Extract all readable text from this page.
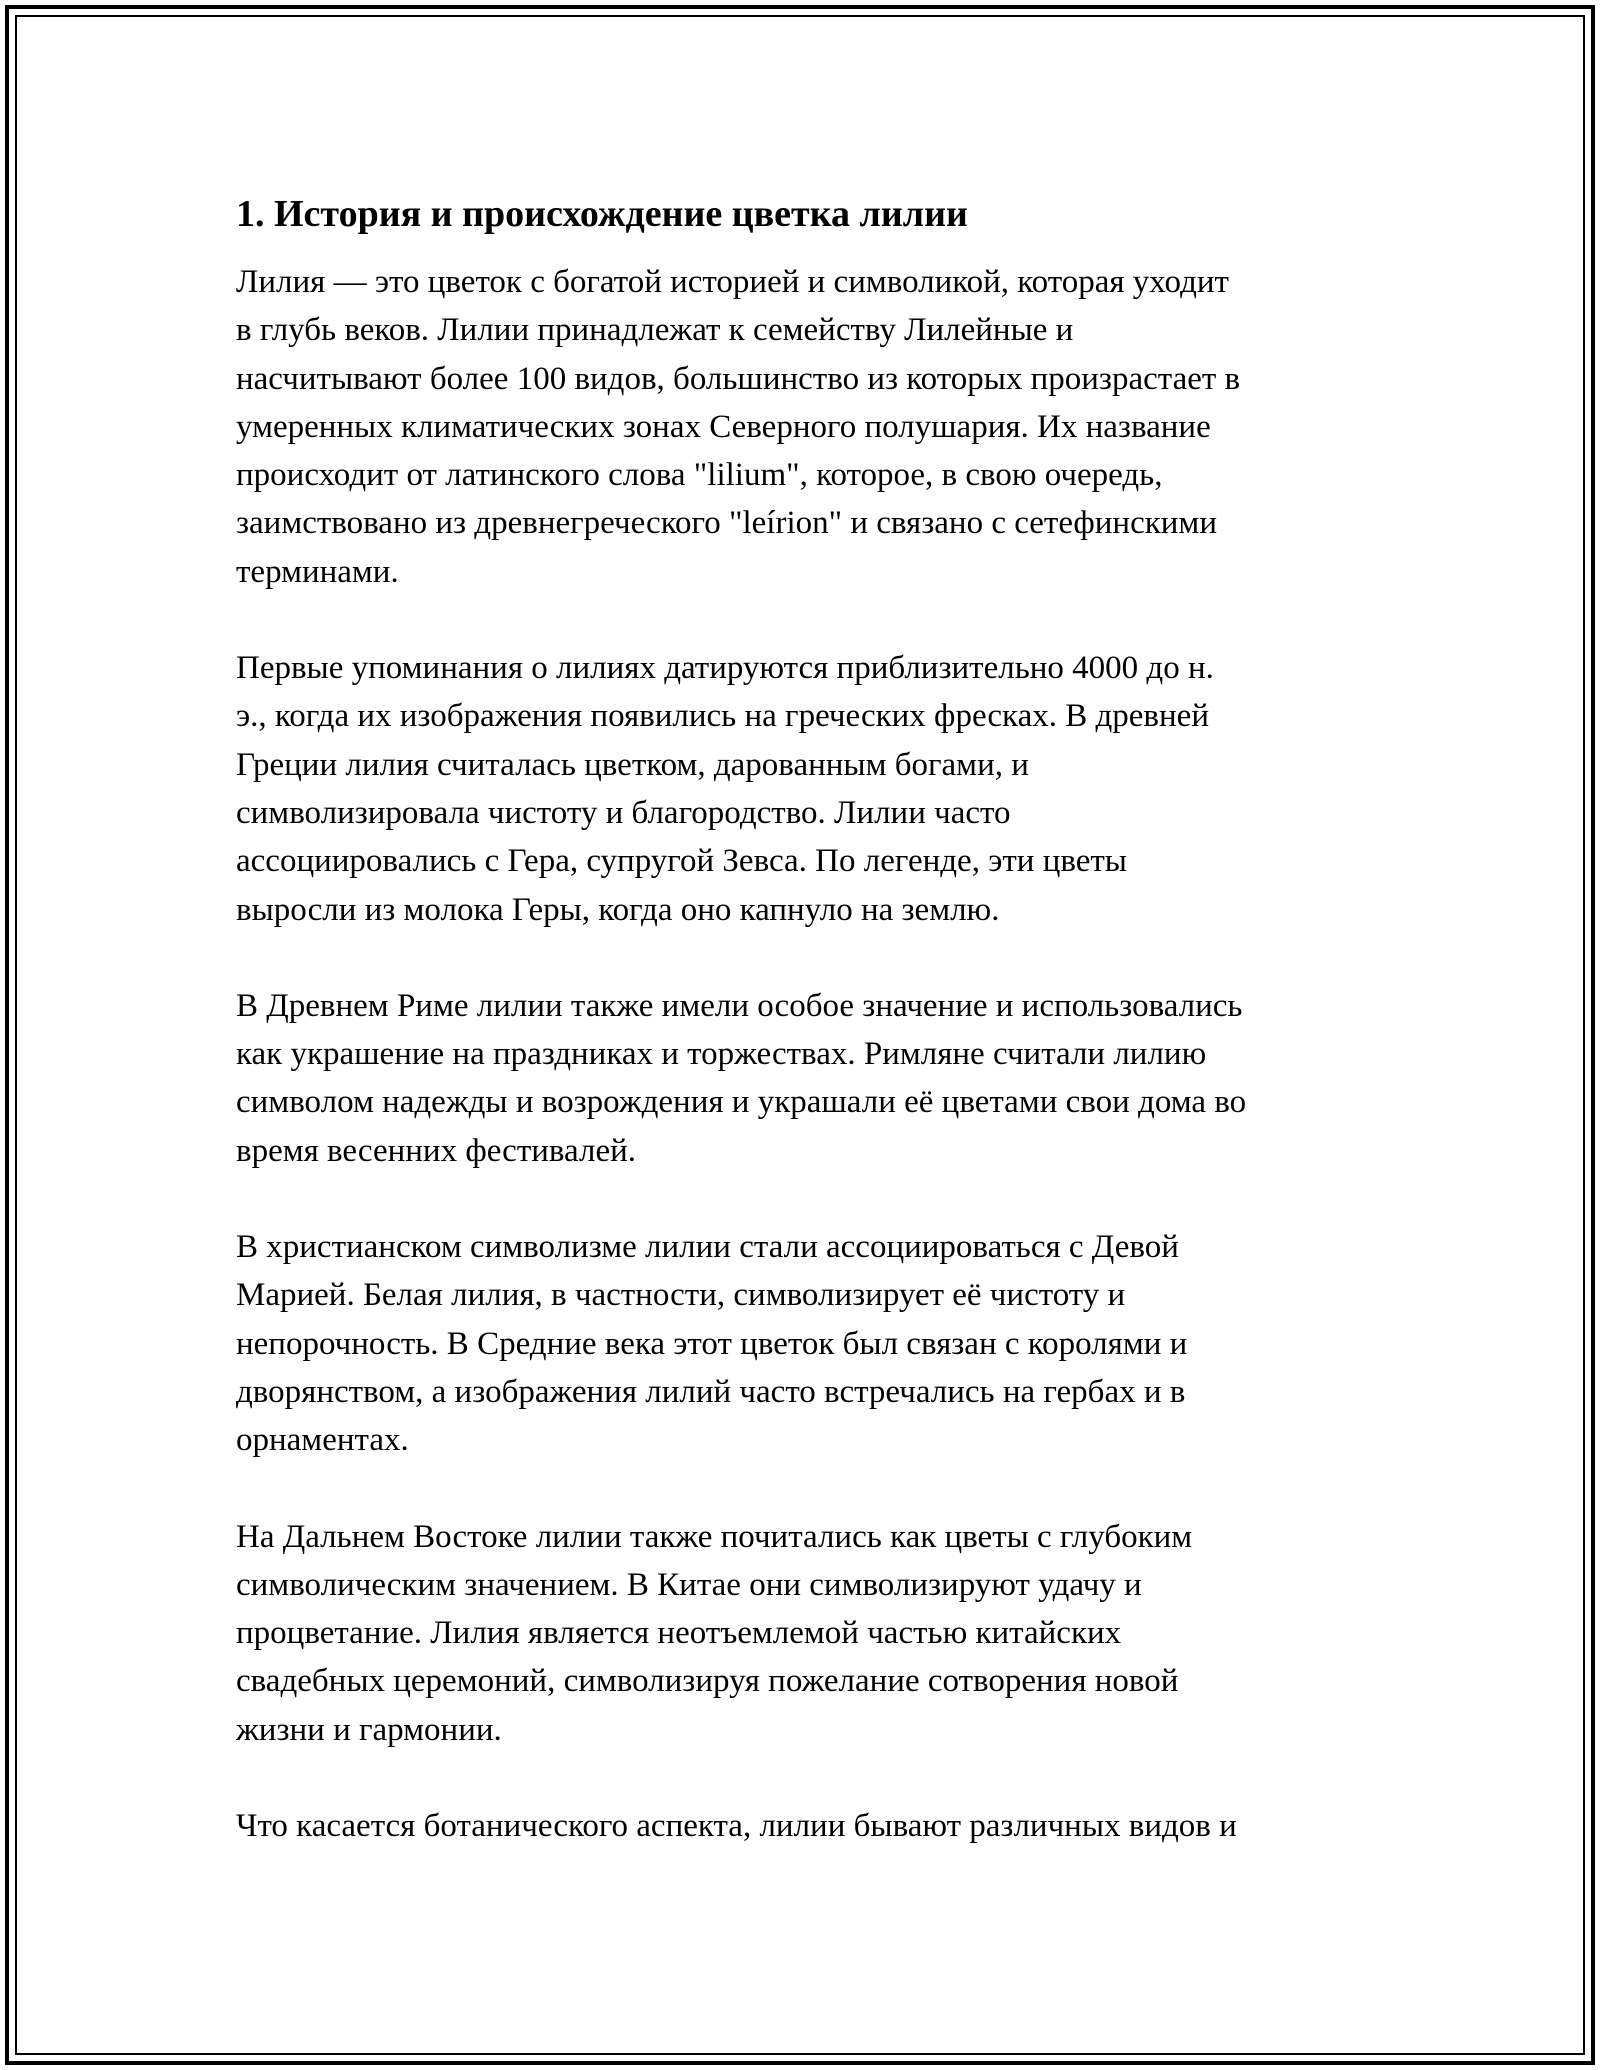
1. История и происхождение цветка лилии

Лилия — это цветок с богатой историей и символикой, которая уходит
в глубь веков. Лилии принадлежат к семейству Лилейные и
насчитывают более 100 видов, большинство из которых произрастает в
умеренных климатических зонах Северного полушария. Их название
происходит от латинского слова "lilium", которое, в свою очередь,
заимствовано из древнегреческого "leírion" и связано с сетефинскими
терминами.

Первые упоминания о лилиях датируются приблизительно 4000 до н.
э., когда их изображения появились на греческих фресках. В древней
Греции лилия считалась цветком, дарованным богами, и
символизировала чистоту и благородство. Лилии часто
ассоциировались с Гера, супругой Зевса. По легенде, эти цветы
выросли из молока Геры, когда оно капнуло на землю.

В Древнем Риме лилии также имели особое значение и использовались
как украшение на праздниках и торжествах. Римляне считали лилию
символом надежды и возрождения и украшали её цветами свои дома во
время весенних фестивалей.

В христианском символизме лилии стали ассоциироваться с Девой
Марией. Белая лилия, в частности, символизирует её чистоту и
непорочность. В Средние века этот цветок был связан с королями и
дворянством, а изображения лилий часто встречались на гербах и в
орнаментах.

На Дальнем Востоке лилии также почитались как цветы с глубоким
символическим значением. В Китае они символизируют удачу и
процветание. Лилия является неотъемлемой частью китайских
свадебных церемоний, символизируя пожелание сотворения новой
жизни и гармонии.

Что касается ботанического аспекта, лилии бывают различных видов и
